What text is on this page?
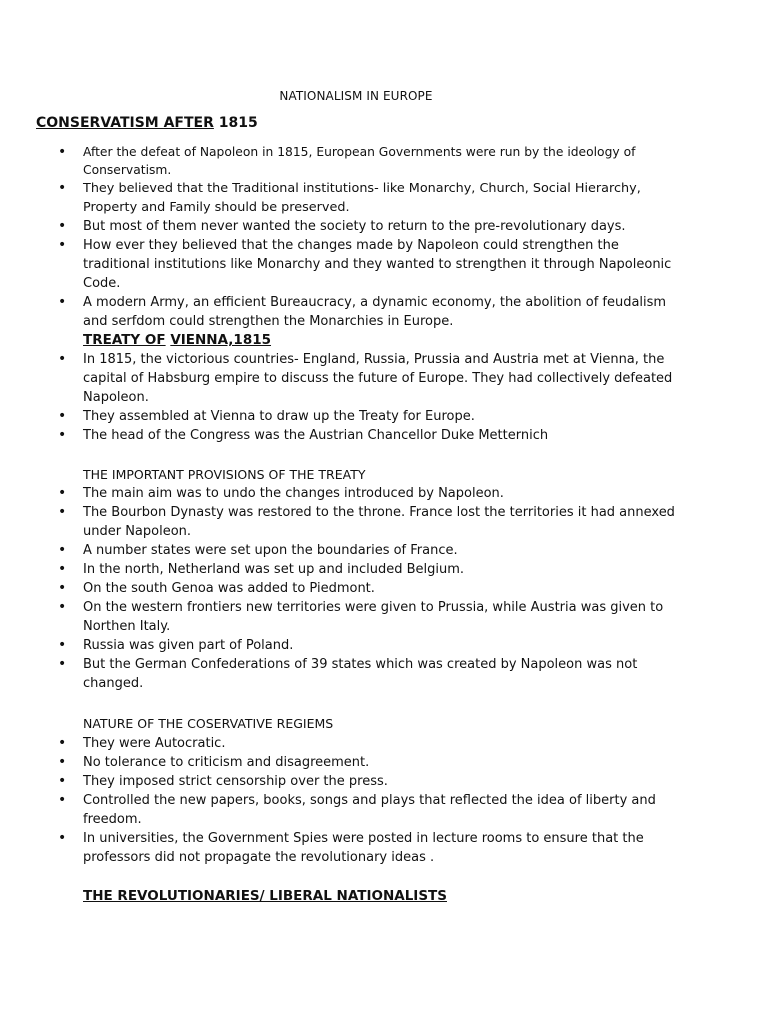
NATIONALISM IN EUROPE
CONSERVATISM AFTER 1815
• After the defeat of Napoleon in 1815, European Governments were run by the ideology of Conservatism.
• They believed that the Traditional institutions- like Monarchy, Church, Social Hierarchy, Property and Family should be preserved.
• But most of them never wanted the society to return to the pre-revolutionary days.
• How ever they believed that the changes made by Napoleon could strengthen the traditional institutions like Monarchy and they wanted to strengthen it through Napoleonic Code.
• A modern Army, an efficient Bureaucracy, a dynamic economy, the abolition of feudalism and serfdom could strengthen the Monarchies in Europe.
TREATY OF VIENNA,1815
• In 1815, the victorious countries- England, Russia, Prussia and Austria met at Vienna, the capital of Habsburg empire to discuss the future of Europe. They had collectively defeated Napoleon.
• They assembled at Vienna to draw up the Treaty for Europe.
• The head of the Congress was the Austrian Chancellor Duke Metternich
THE IMPORTANT PROVISIONS OF THE TREATY
• The main aim was to undo the changes introduced by Napoleon.
• The Bourbon Dynasty was restored to the throne. France lost the territories it had annexed under Napoleon.
• A number states were set upon the boundaries of France.
• In the north, Netherland was set up and included Belgium.
• On the south Genoa was added to Piedmont.
• On the western frontiers new territories were given to Prussia, while Austria was given to Northen Italy.
• Russia was given part of Poland.
• But the German Confederations of 39 states which was created by Napoleon was not changed.
NATURE OF THE COSERVATIVE REGIEMS
• They were Autocratic.
• No tolerance to criticism and disagreement.
• They imposed strict censorship over the press.
• Controlled the new papers, books, songs and plays that reflected the idea of liberty and freedom.
• In universities, the Government Spies were posted in lecture rooms to ensure that the professors did not propagate the revolutionary ideas .
THE REVOLUTIONARIES/ LIBERAL NATIONALISTS
